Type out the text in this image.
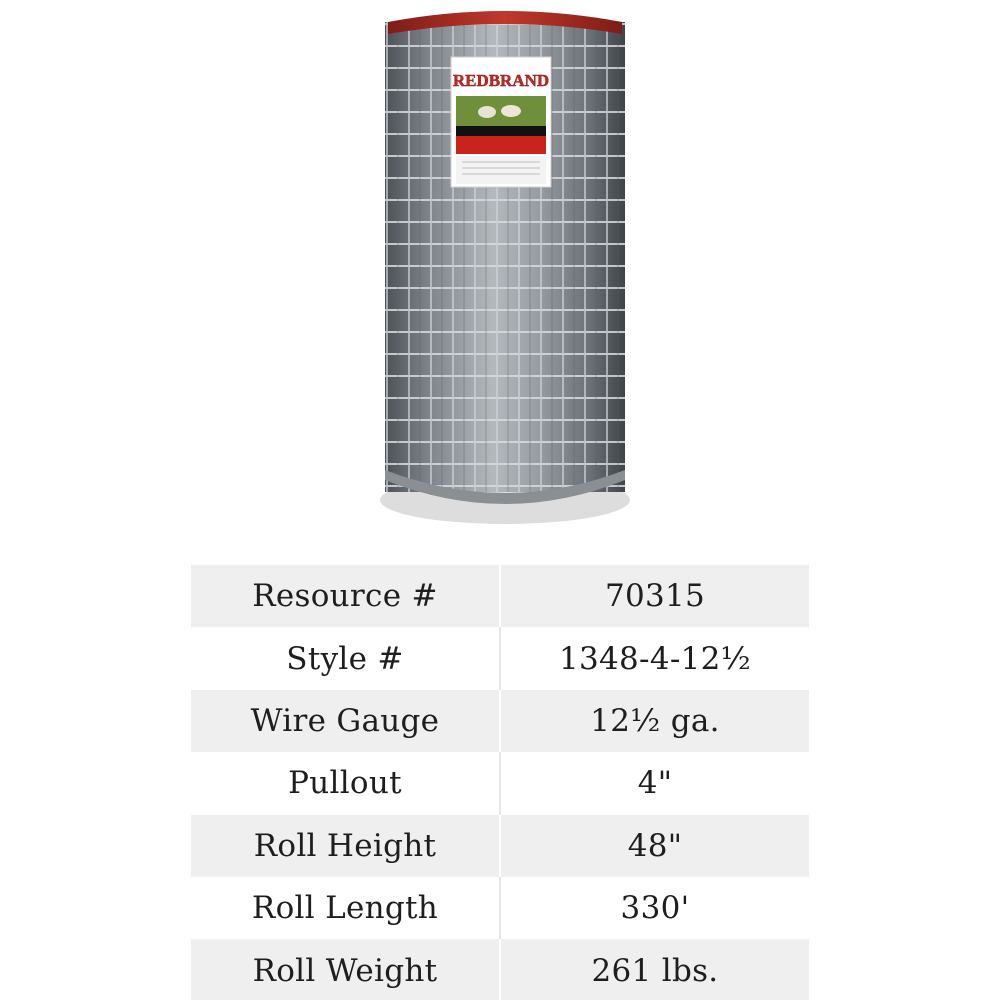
REDBRAND
Resource #	70315
Style #	1348-4-12½
Wire Gauge	12½ ga.
Pullout	4"
Roll Height	48"
Roll Length	330'
Roll Weight	261 lbs.
